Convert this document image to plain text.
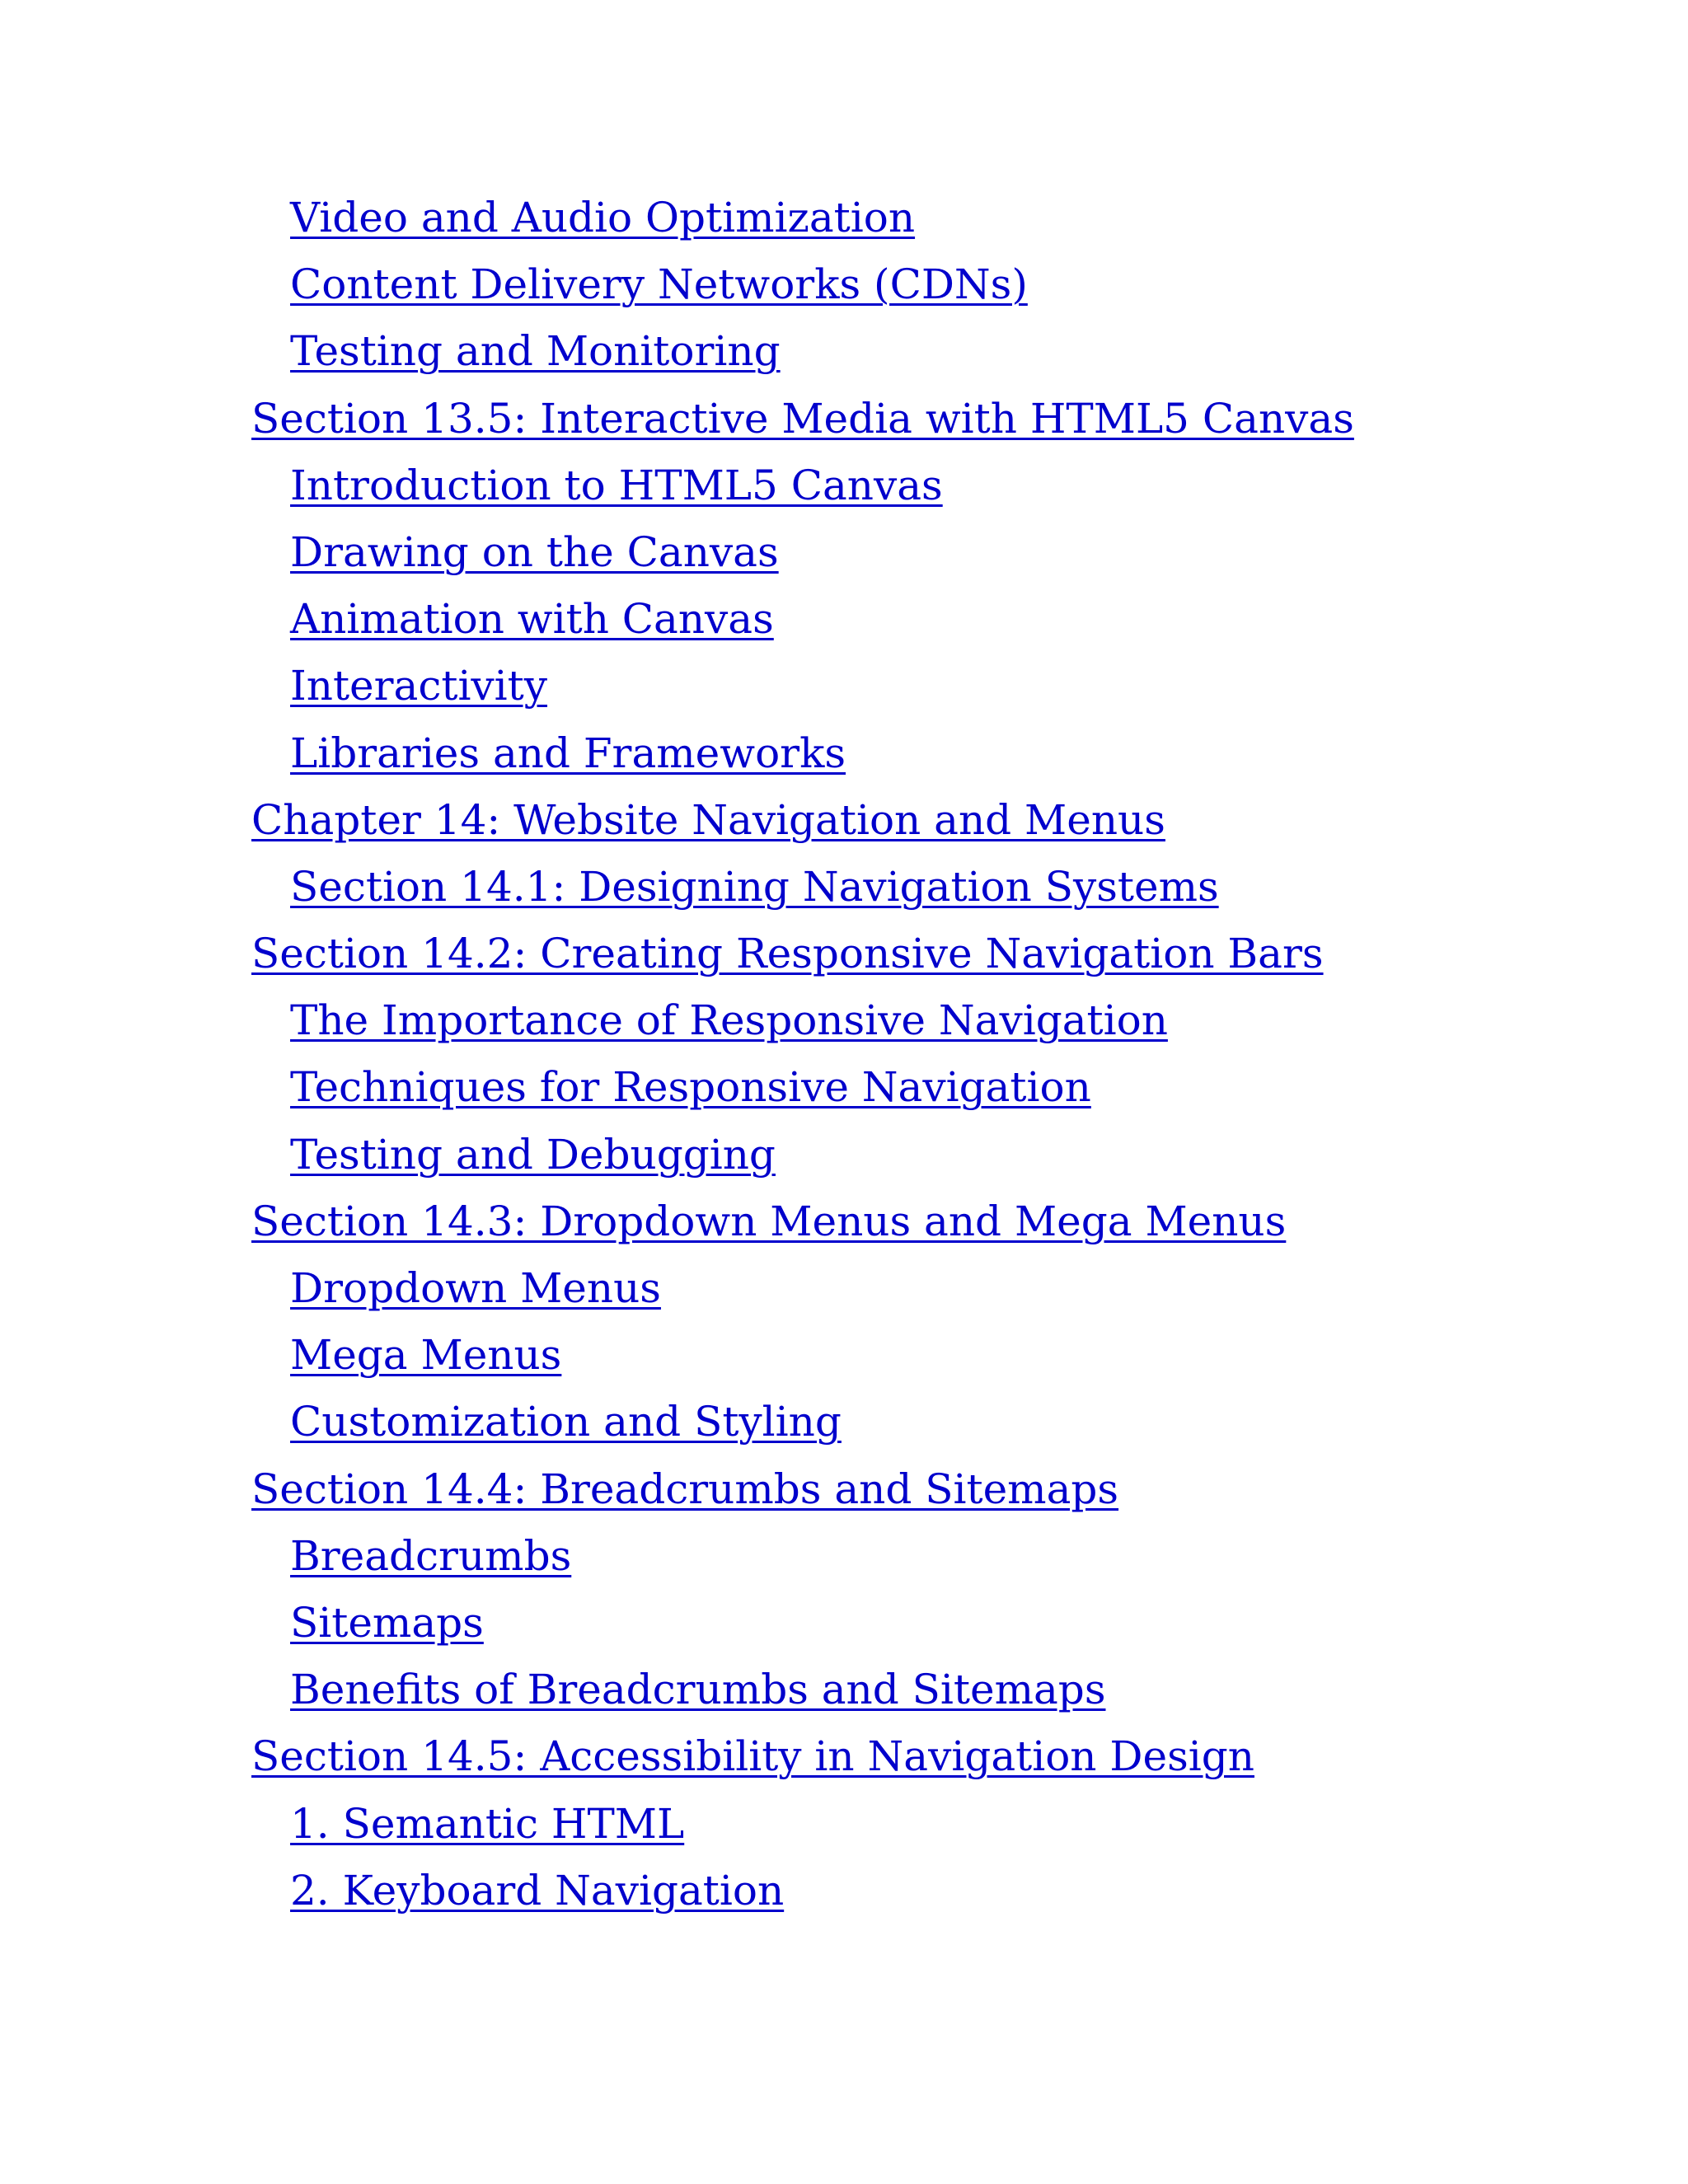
Video and Audio Optimization
Content Delivery Networks (CDNs)
Testing and Monitoring
Section 13.5: Interactive Media with HTML5 Canvas
Introduction to HTML5 Canvas
Drawing on the Canvas
Animation with Canvas
Interactivity
Libraries and Frameworks
Chapter 14: Website Navigation and Menus
Section 14.1: Designing Navigation Systems
Section 14.2: Creating Responsive Navigation Bars
The Importance of Responsive Navigation
Techniques for Responsive Navigation
Testing and Debugging
Section 14.3: Dropdown Menus and Mega Menus
Dropdown Menus
Mega Menus
Customization and Styling
Section 14.4: Breadcrumbs and Sitemaps
Breadcrumbs
Sitemaps
Benefits of Breadcrumbs and Sitemaps
Section 14.5: Accessibility in Navigation Design
1. Semantic HTML
2. Keyboard Navigation
